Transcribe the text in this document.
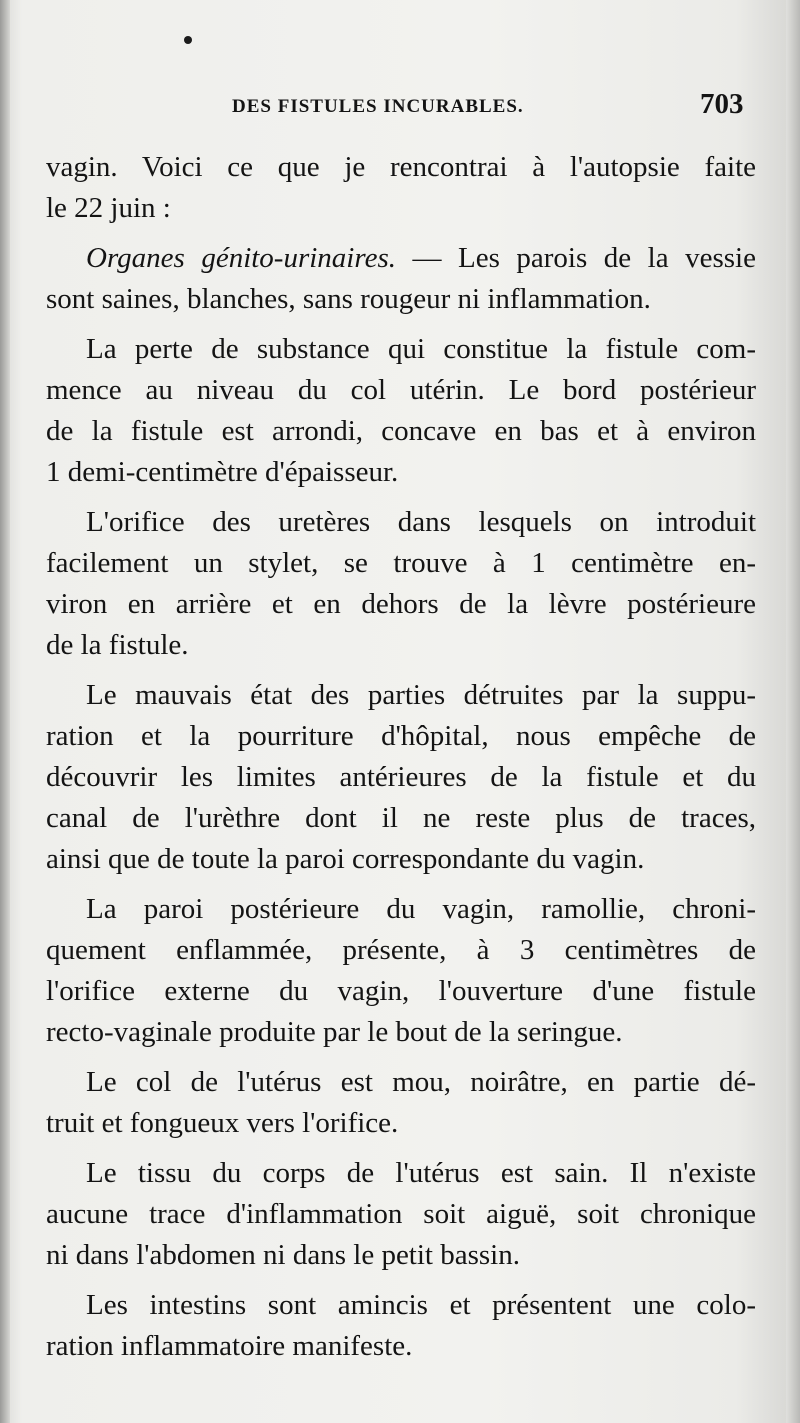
DES FISTULES INCURABLES.	703
vagin. Voici ce que je rencontrai à l'autopsie faite
le 22 juin :
Organes génito-urinaires. — Les parois de la vessie
sont saines, blanches, sans rougeur ni inflammation.
La perte de substance qui constitue la fistule com-
mence au niveau du col utérin. Le bord postérieur
de la fistule est arrondi, concave en bas et à environ
1 demi-centimètre d'épaisseur.
L'orifice des uretères dans lesquels on introduit
facilement un stylet, se trouve à 1 centimètre en-
viron en arrière et en dehors de la lèvre postérieure
de la fistule.
Le mauvais état des parties détruites par la suppu-
ration et la pourriture d'hôpital, nous empêche de
découvrir les limites antérieures de la fistule et du
canal de l'urèthre dont il ne reste plus de traces,
ainsi que de toute la paroi correspondante du vagin.
La paroi postérieure du vagin, ramollie, chroni-
quement enflammée, présente, à 3 centimètres de
l'orifice externe du vagin, l'ouverture d'une fistule
recto-vaginale produite par le bout de la seringue.
Le col de l'utérus est mou, noirâtre, en partie dé-
truit et fongueux vers l'orifice.
Le tissu du corps de l'utérus est sain. Il n'existe
aucune trace d'inflammation soit aiguë, soit chronique
ni dans l'abdomen ni dans le petit bassin.
Les intestins sont amincis et présentent une colo-
ration inflammatoire manifeste.
